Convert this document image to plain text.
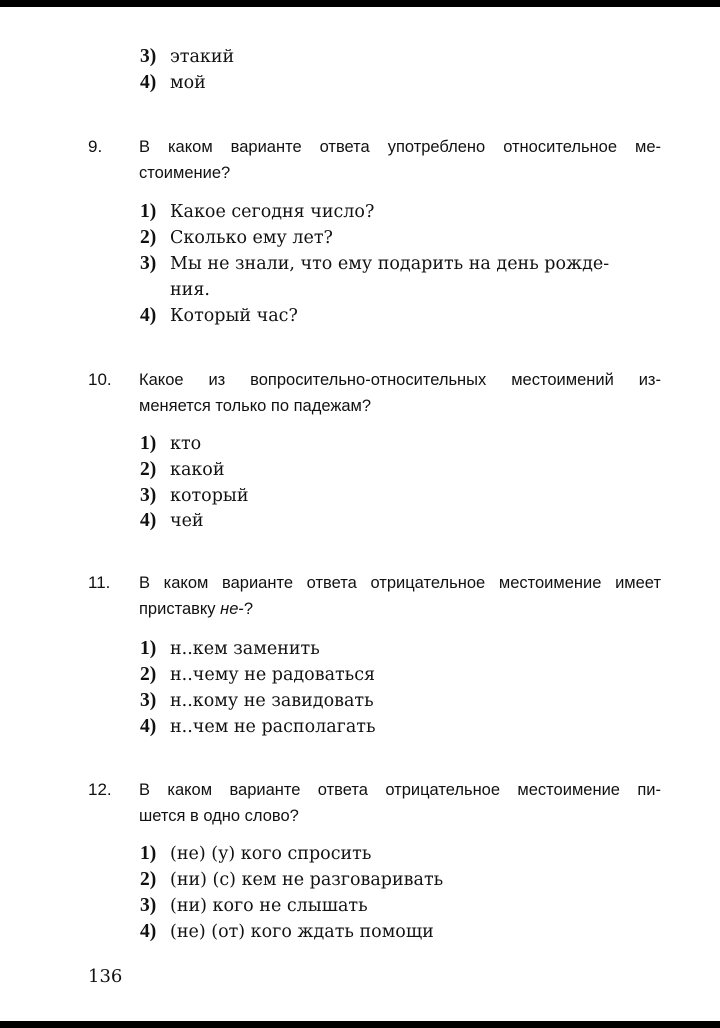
3) этакий
4) мой
9. В каком варианте ответа употреблено относительное ме-
стоимение?
1) Какое сегодня число?
2) Сколько ему лет?
3) Мы не знали, что ему подарить на день рожде-
ния.
4) Который час?
10. Какое из вопросительно-относительных местоимений из-
меняется только по падежам?
1) кто
2) какой
3) который
4) чей
11. В каком варианте ответа отрицательное местоимение имеет
приставку не-?
1) н..кем заменить
2) н..чему не радоваться
3) н..кому не завидовать
4) н..чем не располагать
12. В каком варианте ответа отрицательное местоимение пи-
шется в одно слово?
1) (не) (у) кого спросить
2) (ни) (с) кем не разговаривать
3) (ни) кого не слышать
4) (не) (от) кого ждать помощи
136
